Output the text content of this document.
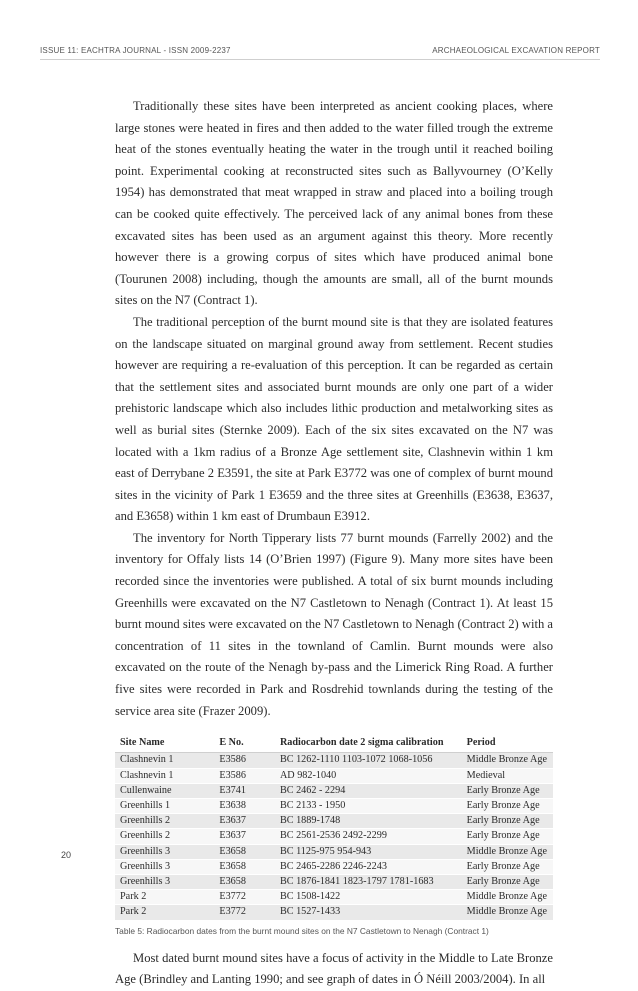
ISSUE 11: EACHTRA JOURNAL - ISSN 2009-2237	ARCHAEOLOGICAL EXCAVATION REPORT

Traditionally these sites have been interpreted as ancient cooking places, where large stones were heated in fires and then added to the water filled trough the extreme heat of the stones eventually heating the water in the trough until it reached boiling point. Experimental cooking at reconstructed sites such as Ballyvourney (O’Kelly 1954) has demonstrated that meat wrapped in straw and placed into a boiling trough can be cooked quite effectively. The perceived lack of any animal bones from these excavated sites has been used as an argument against this theory. More recently however there is a growing corpus of sites which have produced animal bone (Tourunen 2008) including, though the amounts are small, all of the burnt mounds sites on the N7 (Contract 1).

The traditional perception of the burnt mound site is that they are isolated features on the landscape situated on marginal ground away from settlement. Recent studies however are requiring a re-evaluation of this perception. It can be regarded as certain that the settlement sites and associated burnt mounds are only one part of a wider prehistoric landscape which also includes lithic production and metalworking sites as well as burial sites (Sternke 2009). Each of the six sites excavated on the N7 was located with a 1km radius of a Bronze Age settlement site, Clashnevin within 1 km east of Derrybane 2 E3591, the site at Park E3772 was one of complex of burnt mound sites in the vicinity of Park 1 E3659 and the three sites at Greenhills (E3638, E3637, and E3658) within 1 km east of Drumbaun E3912.

The inventory for North Tipperary lists 77 burnt mounds (Farrelly 2002) and the inventory for Offaly lists 14 (O’Brien 1997) (Figure 9). Many more sites have been recorded since the inventories were published. A total of six burnt mounds including Greenhills were excavated on the N7 Castletown to Nenagh (Contract 1). At least 15 burnt mound sites were excavated on the N7 Castletown to Nenagh (Contract 2) with a concentration of 11 sites in the townland of Camlin. Burnt mounds were also excavated on the route of the Nenagh by-pass and the Limerick Ring Road. A further five sites were recorded in Park and Rosdrehid townlands during the testing of the service area site (Frazer 2009).

Site Name	E No.	Radiocarbon date 2 sigma calibration	Period
Clashnevin 1	E3586	BC 1262-1110 1103-1072 1068-1056	Middle Bronze Age
Clashnevin 1	E3586	AD 982-1040	Medieval
Cullenwaine	E3741	BC 2462 - 2294	Early Bronze Age
Greenhills 1	E3638	BC 2133 - 1950	Early Bronze Age
Greenhills 2	E3637	BC 1889-1748	Early Bronze Age
Greenhills 2	E3637	BC 2561-2536 2492-2299	Early Bronze Age
Greenhills 3	E3658	BC 1125-975 954-943	Middle Bronze Age
Greenhills 3	E3658	BC 2465-2286 2246-2243	Early Bronze Age
Greenhills 3	E3658	BC 1876-1841 1823-1797 1781-1683	Early Bronze Age
Park 2	E3772	BC 1508-1422	Middle Bronze Age
Park 2	E3772	BC 1527-1433	Middle Bronze Age
Table 5: Radiocarbon dates from the burnt mound sites on the N7 Castletown to Nenagh (Contract 1)

Most dated burnt mound sites have a focus of activity in the Middle to Late Bronze Age (Brindley and Lanting 1990; and see graph of dates in Ó Néill 2003/2004). In all

20
